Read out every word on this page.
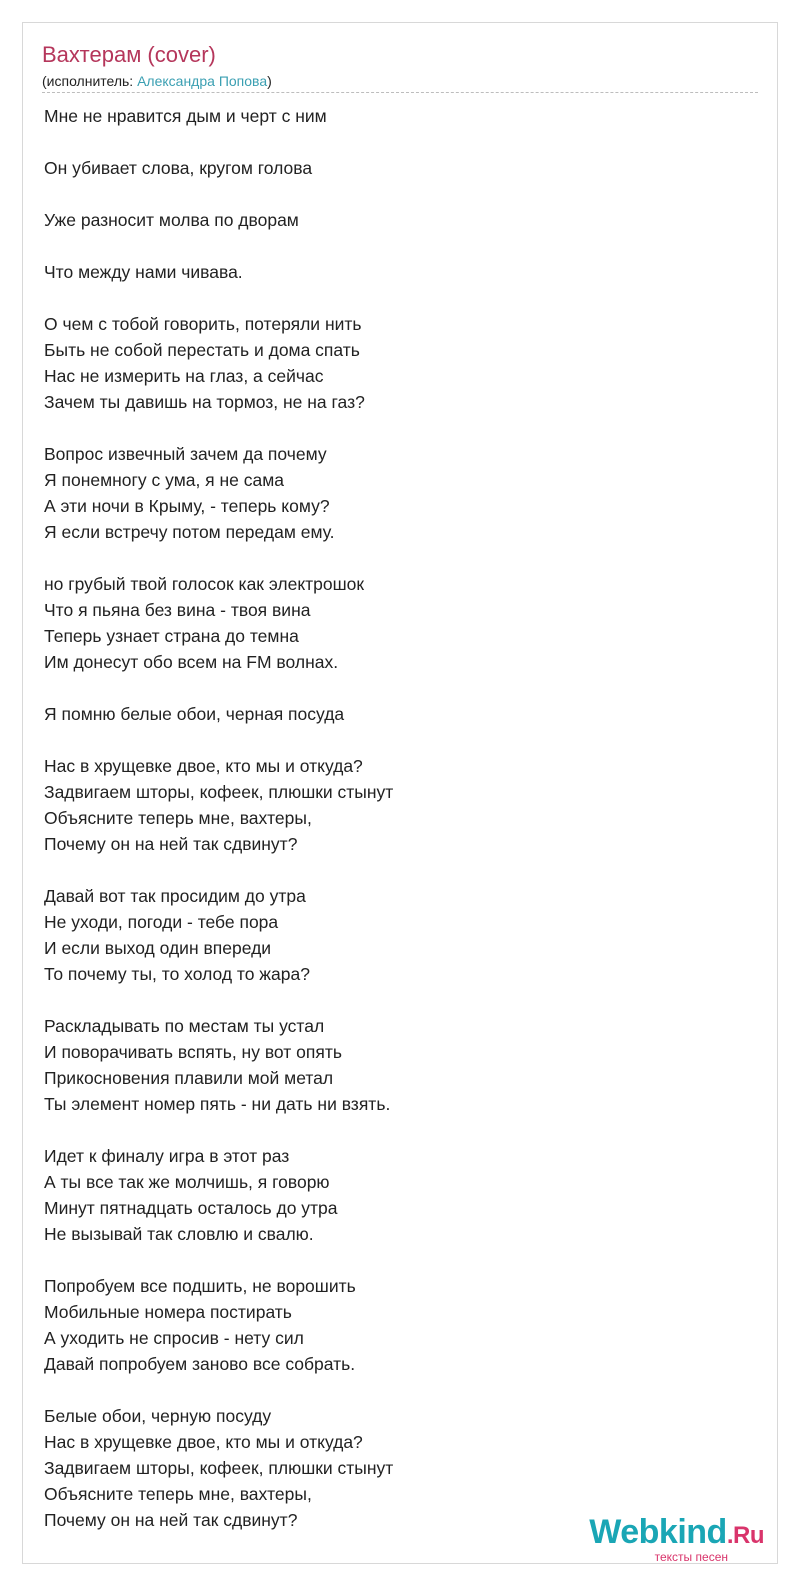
Вахтерам (cover)
(исполнитель: Александра Попова)
Мне не нравится дым и черт с ним
Он убивает слова, кругом голова
Уже разносит молва по дворам
Что между нами чивава.
О чем с тобой говорить, потеряли нить
Быть не собой перестать и дома спать
Нас не измерить на глаз, а сейчас
Зачем ты давишь на тормоз, не на газ?
Вопрос извечный зачем да почему
Я понемногу с ума, я не сама
А эти ночи в Крыму, - теперь кому?
Я если встречу потом передам ему.
но грубый твой голосок как электрошок
Что я пьяна без вина - твоя вина
Теперь узнает страна до темна
Им донесут обо всем на FM волнах.
Я помню белые обои, черная посуда
Нас в хрущевке двое, кто мы и откуда?
Задвигаем шторы, кофеек, плюшки стынут
Объясните теперь мне, вахтеры,
Почему он на ней так сдвинут?
Давай вот так просидим до утра
Не уходи, погоди - тебе пора
И если выход один впереди
То почему ты, то холод то жара?
Раскладывать по местам ты устал
И поворачивать вспять, ну вот опять
Прикосновения плавили мой метал
Ты элемент номер пять - ни дать ни взять.
Идет к финалу игра в этот раз
А ты все так же молчишь, я говорю
Минут пятнадцать осталось до утра
Не вызывай так словлю и свалю.
Попробуем все подшить, не ворошить
Мобильные номера постирать
А уходить не спросив - нету сил
Давай попробуем заново все собрать.
Белые обои, черную посуду
Нас в хрущевке двое, кто мы и откуда?
Задвигаем шторы, кофеек, плюшки стынут
Объясните теперь мне, вахтеры,
Почему он на ней так сдвинут?	Webkind.Ru
тексты песен
